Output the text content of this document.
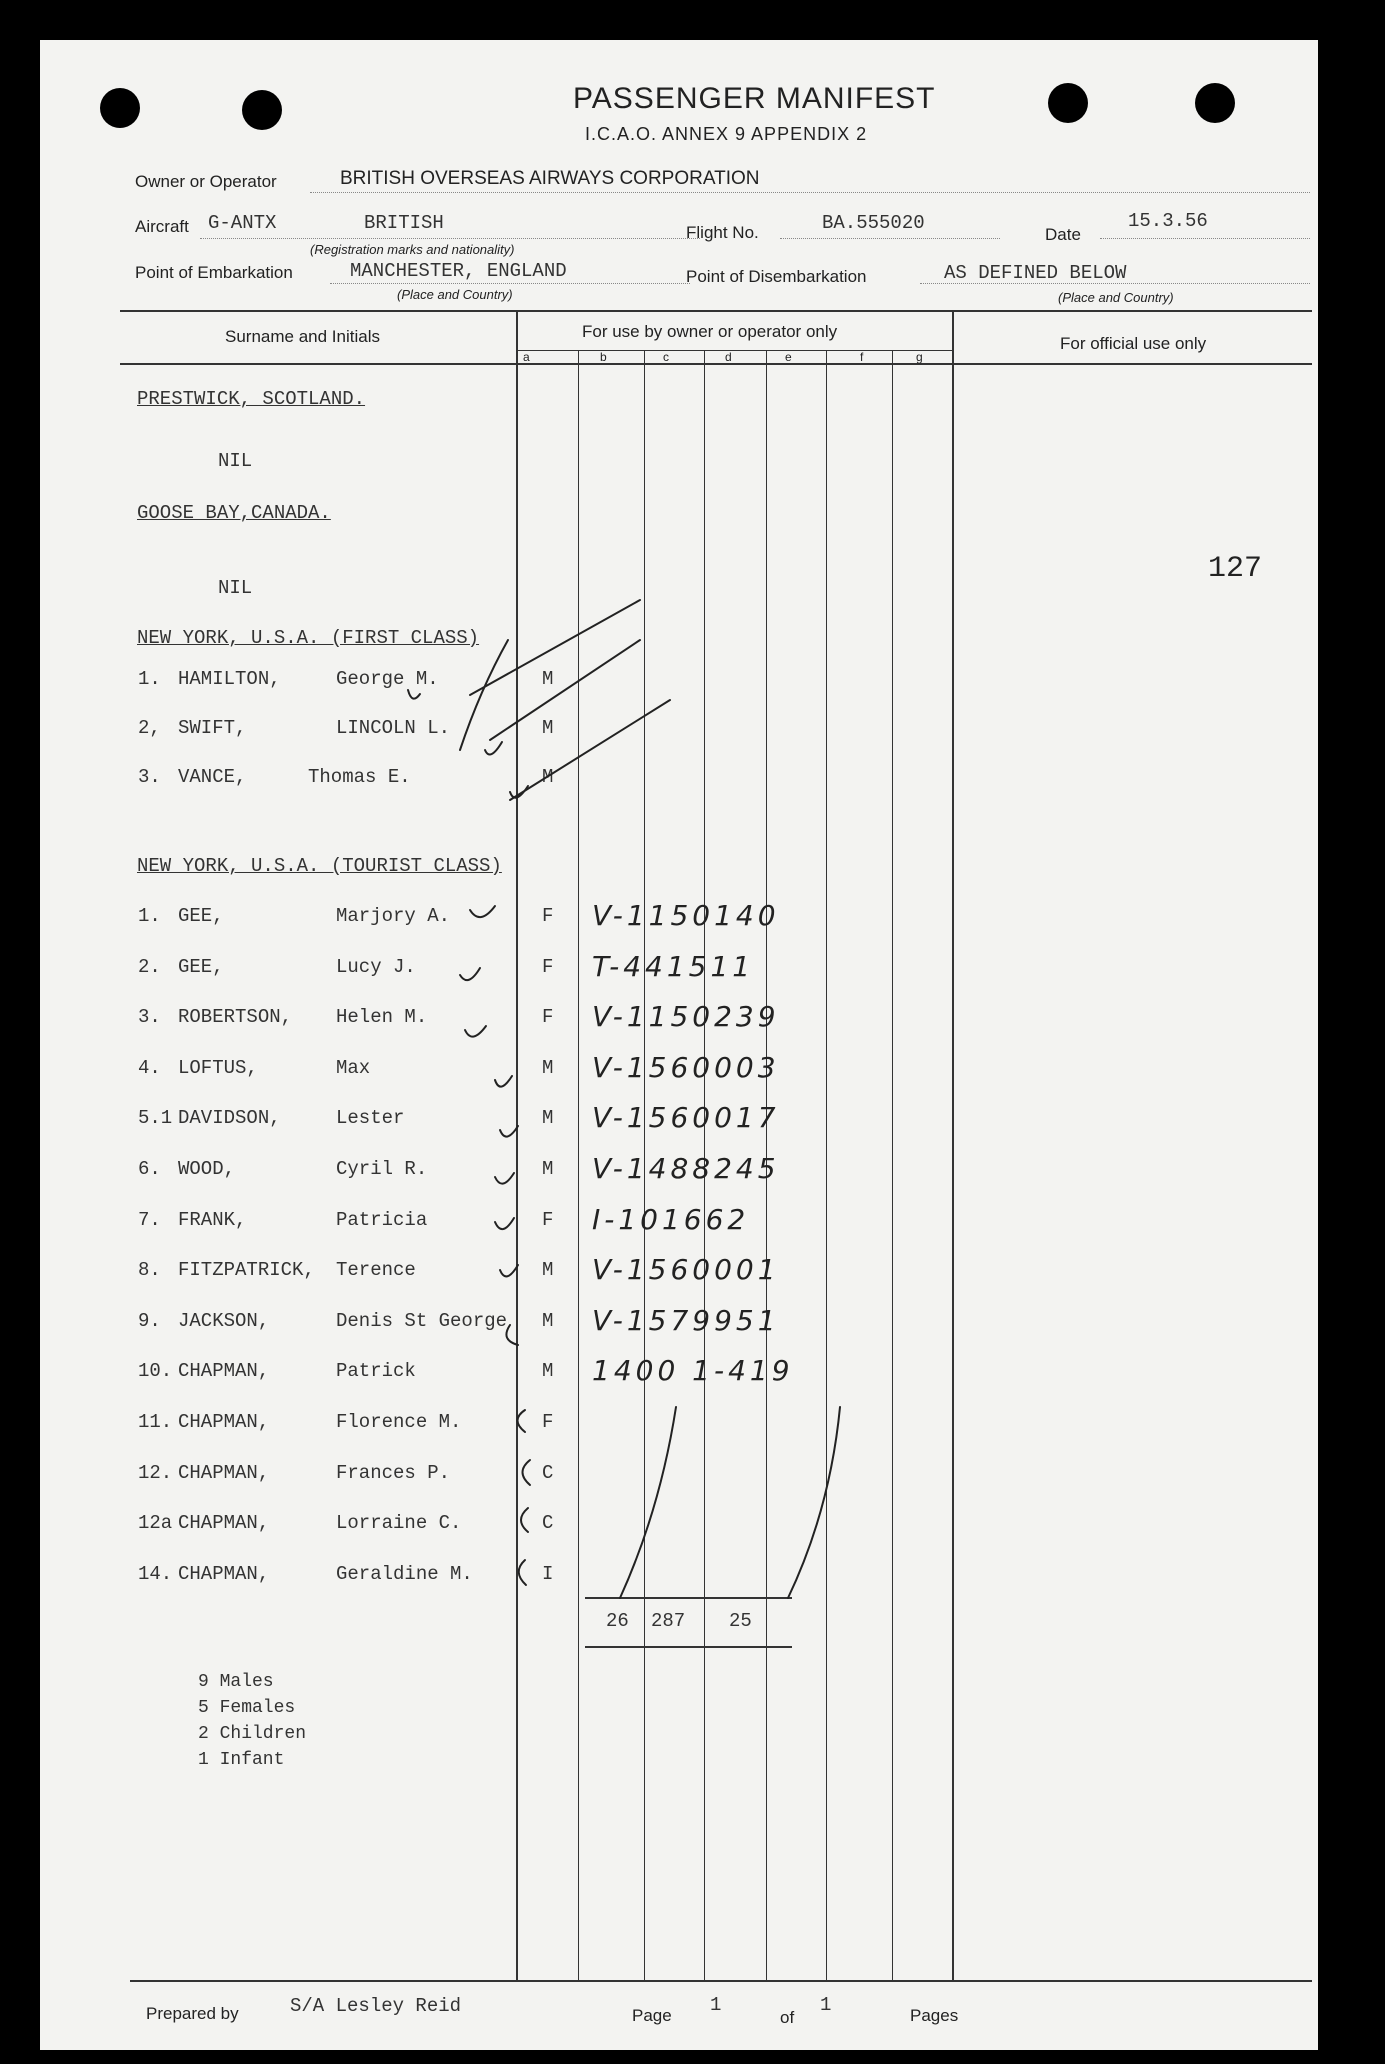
PASSENGER MANIFEST
I.C.A.O. ANNEX 9 APPENDIX 2
Owner or Operator	BRITISH OVERSEAS AIRWAYS CORPORATION
Aircraft G-ANTX	BRITISH
(Registration marks and nationality)
Flight No.	BA.555020
Date
15.3.56
Point of Embarkation	MANCHESTER, ENGLAND
(Place and Country)
Point of Disembarkation	AS DEFINED BELOW
(Place and Country)
Surname and Initials	For use by owner or operator only
For official use only
a	b	c	d	e	f	g
127
PRESTWICK, SCOTLAND.
NIL
GOOSE BAY,CANADA.
NIL
NEW YORK, U.S.A. (FIRST CLASS)
NEW YORK, U.S.A. (TOURIST CLASS)
1. HAMILTON,	George M.	M
2, SWIFT,	LINCOLN L.	M
3. VANCE,	Thomas E.	M
1. GEE,	Marjory A.	F V-1150140
2. GEE,	Lucy J.	F T-441511
3. ROBERTSON, Helen M.	F V-1150239
4. LOFTUS,	Max	M V-1560003
5.1 DAVIDSON,	Lester	M V-1560017
6. WOOD,	Cyril R.	M V-1488245
7. FRANK,	Patricia	F I-101662
8. FITZPATRICK, Terence	M V-1560001
9. JACKSON,	Denis St George M V-1579951
10. CHAPMAN,	Patrick	M 1400 1-419
11. CHAPMAN,	Florence M.	F
12. CHAPMAN,	Frances P.	C
12a CHAPMAN,	Lorraine C.	C
14. CHAPMAN,	Geraldine M.	I
26 287 25
9 Males
5 Females
2 Children
1 Infant
Prepared by	S/A Lesley Reid	Page 1
of
1	Pages
